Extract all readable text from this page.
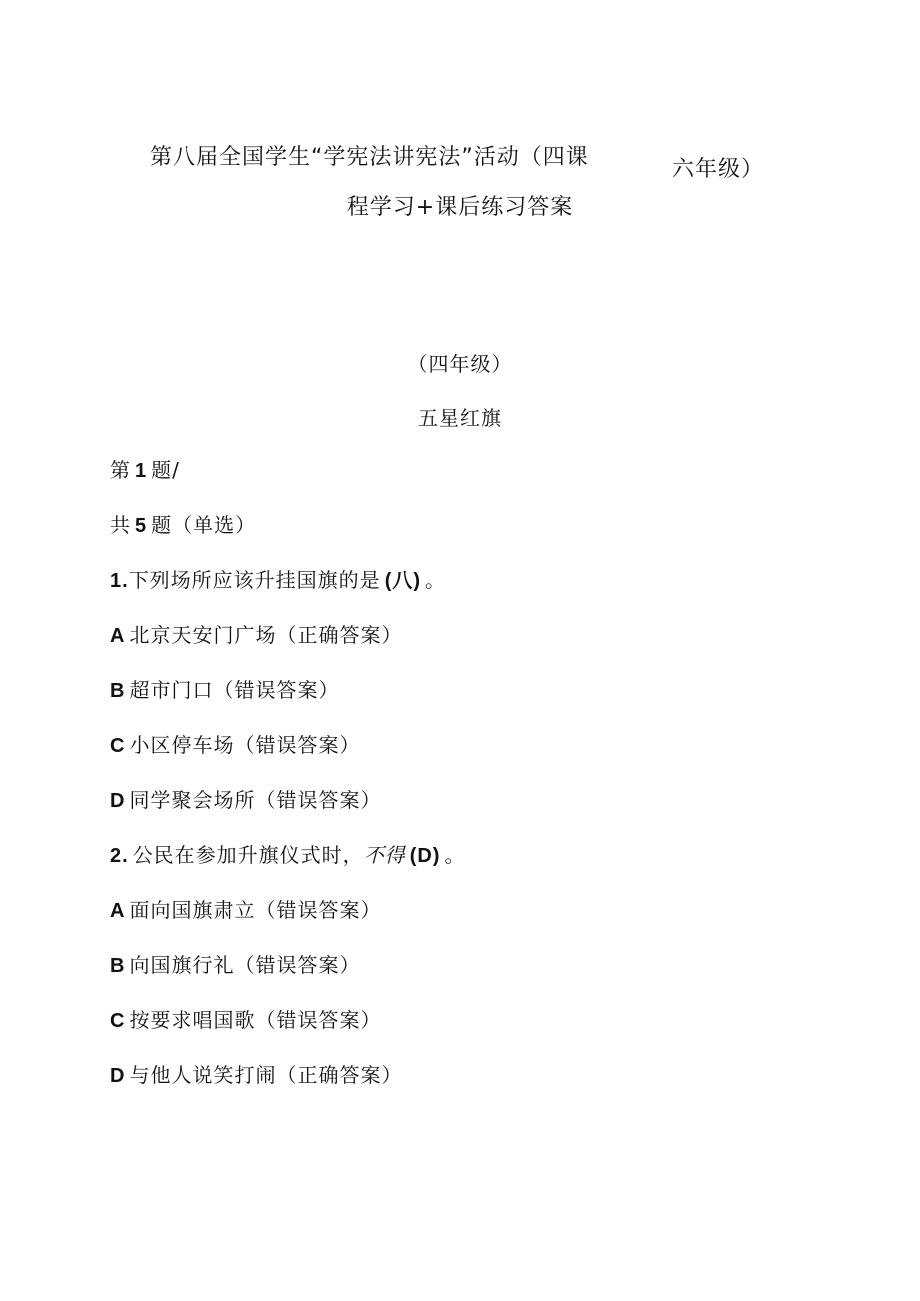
第八届全国学生“学宪法讲宪法”活动（四课	六年级）
程学习+课后练习答案
（四年级）
五星红旗
第 1 题/
共 5 题（单选）
1.下列场所应该升挂国旗的是 (八) 。
A 北京天安门广场（正确答案）
B 超市门口（错误答案）
C 小区停车场（错误答案）
D 同学聚会场所（错误答案）
2. 公民在参加升旗仪式时，不得 (D) 。
A 面向国旗肃立（错误答案）
B 向国旗行礼（错误答案）
C 按要求唱国歌（错误答案）
D 与他人说笑打闹（正确答案）
